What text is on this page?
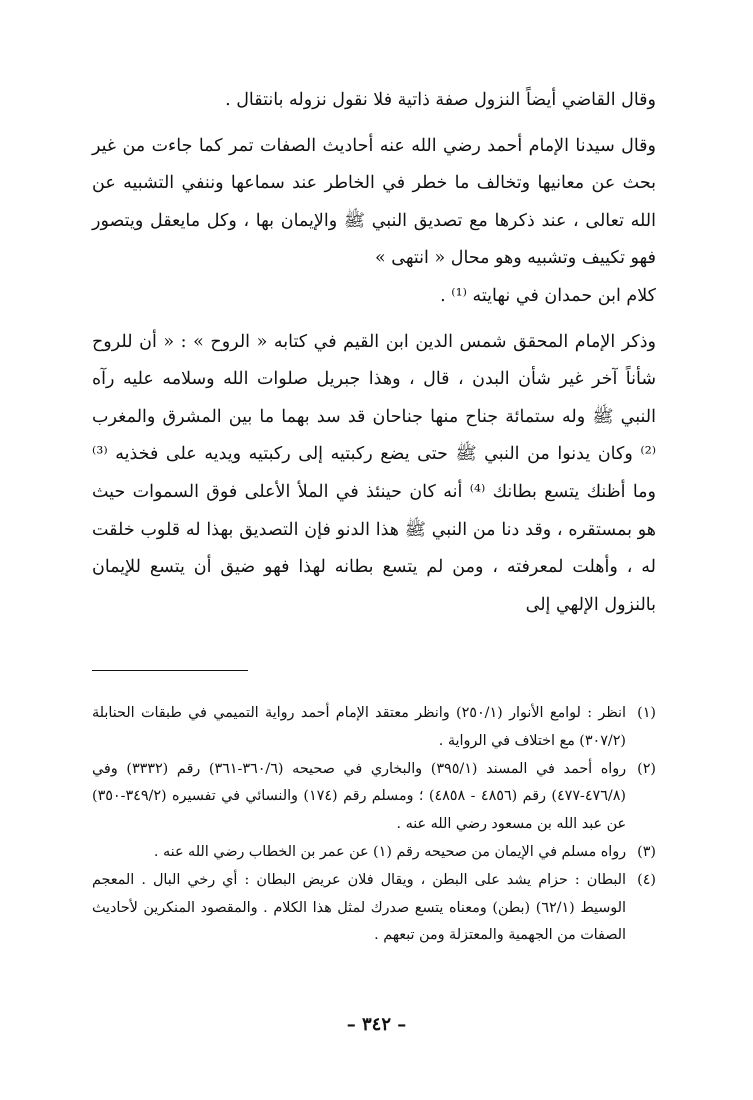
وقال القاضي أيضاً النزول صفة ذاتية فلا نقول نزوله بانتقال .

وقال سيدنا الإمام أحمد رضي الله عنه أحاديث الصفات تمر كما جاءت من غير بحث عن معانيها وتخالف ما خطر في الخاطر عند سماعها وننفي التشبيه عن الله تعالى ، عند ذكرها مع تصديق النبي ﷺ والإيمان بها ، وكل مايعقل ويتصور فهو تكييف وتشبيه وهو محال « انتهى »

كلام ابن حمدان في نهايته ⁽¹⁾ .

وذكر الإمام المحقق شمس الدين ابن القيم في كتابه « الروح » : « أن للروح شأناً آخر غير شأن البدن ، قال ، وهذا جبريل صلوات الله وسلامه عليه رآه النبي ﷺ وله ستمائة جناح منها جناحان قد سد بهما ما بين المشرق والمغرب ⁽²⁾ وكان يدنوا من النبي ﷺ حتى يضع ركبتيه إلى ركبتيه ويديه على فخذيه ⁽³⁾ وما أظنك يتسع بطانك ⁽⁴⁾ أنه كان حينئذ في الملأ الأعلى فوق السموات حيث هو بمستقره ، وقد دنا من النبي ﷺ هذا الدنو فإن التصديق بهذا له قلوب خلقت له ، وأهلت لمعرفته ، ومن لم يتسع بطانه لهذا فهو ضيق أن يتسع للإيمان بالنزول الإلهي إلى

(١)
انظر : لوامع الأنوار (٢٥٠/١) وانظر معتقد الإمام أحمد رواية التميمي في طبقات الحنابلة (٣٠٧/٢) مع اختلاف في الرواية .
(٢)
رواه أحمد في المسند (٣٩٥/١) والبخاري في صحيحه (٣٦٠/٦-٣٦١) رقم (٣٣٣٢) وفي (٤٧٦/٨-٤٧٧) رقم (٤٨٥٦ - ٤٨٥٨) ؛ ومسلم رقم (١٧٤) والنسائي في تفسيره (٣٤٩/٢-٣٥٠) عن عبد الله بن مسعود رضي الله عنه .
(٣)
رواه مسلم في الإيمان من صحيحه رقم (١) عن عمر بن الخطاب رضي الله عنه .
(٤)
البطان : حزام يشد على البطن ، ويقال فلان عريض البطان : أي رخي البال . المعجم الوسيط (٦٢/١) (بطن) ومعناه يتسع صدرك لمثل هذا الكلام . والمقصود المنكرين لأحاديث الصفات من الجهمية والمعتزلة ومن تبعهم .
– ٣٤٢ –
